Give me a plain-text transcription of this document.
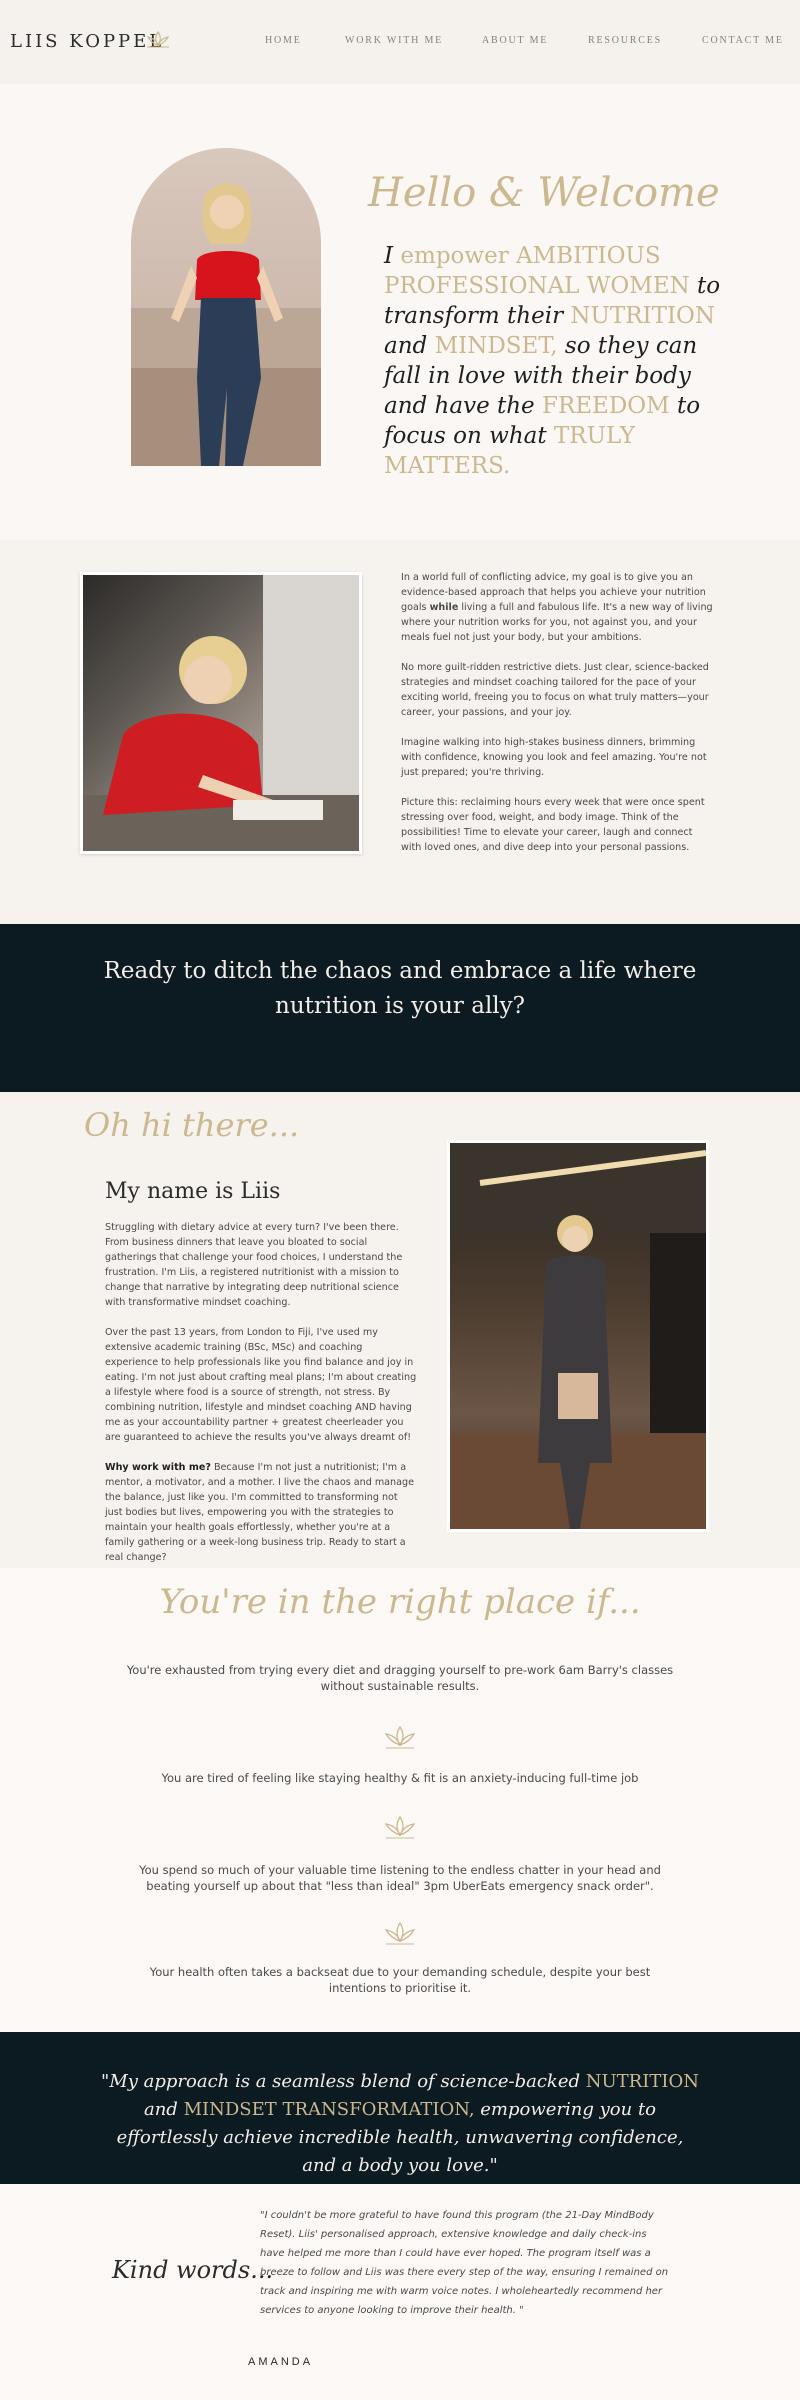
LIIS KOPPEL	HOME	WORK WITH ME	ABOUT ME	RESOURCES	CONTACT ME
Hello & Welcome
I empower AMBITIOUS PROFESSIONAL WOMEN to transform their NUTRITION and MINDSET, so they can fall in love with their body and have the FREEDOM to focus on what TRULY MATTERS.

In a world full of conflicting advice, my goal is to give you an evidence-based approach that helps you achieve your nutrition goals while living a full and fabulous life. It's a new way of living where your nutrition works for you, not against you, and your meals fuel not just your body, but your ambitions.

No more guilt-ridden restrictive diets. Just clear, science-backed strategies and mindset coaching tailored for the pace of your exciting world, freeing you to focus on what truly matters—your career, your passions, and your joy.

Imagine walking into high-stakes business dinners, brimming with confidence, knowing you look and feel amazing. You're not just prepared; you're thriving.

Picture this: reclaiming hours every week that were once spent stressing over food, weight, and body image. Think of the possibilities! Time to elevate your career, laugh and connect with loved ones, and dive deep into your personal passions.

Ready to ditch the chaos and embrace a life where nutrition is your ally?
Oh hi there...
My name is Liis

Struggling with dietary advice at every turn? I've been there. From business dinners that leave you bloated to social gatherings that challenge your food choices, I understand the frustration. I'm Liis, a registered nutritionist with a mission to change that narrative by integrating deep nutritional science with transformative mindset coaching.

Over the past 13 years, from London to Fiji, I've used my extensive academic training (BSc, MSc) and coaching experience to help professionals like you find balance and joy in eating. I'm not just about crafting meal plans; I'm about creating a lifestyle where food is a source of strength, not stress. By combining nutrition, lifestyle and mindset coaching AND having me as your accountability partner + greatest cheerleader you are guaranteed to achieve the results you've always dreamt of!

Why work with me? Because I'm not just a nutritionist; I'm a mentor, a motivator, and a mother. I live the chaos and manage the balance, just like you. I'm committed to transforming not just bodies but lives, empowering you with the strategies to maintain your health goals effortlessly, whether you're at a family gathering or a week-long business trip. Ready to start a real change?

You're in the right place if...
You're exhausted from trying every diet and dragging yourself to pre-work 6am Barry's classes without sustainable results.
You are tired of feeling like staying healthy & fit is an anxiety-inducing full-time job
You spend so much of your valuable time listening to the endless chatter in your head and beating yourself up about that "less than ideal" 3pm UberEats emergency snack order".
Your health often takes a backseat due to your demanding schedule, despite your best intentions to prioritise it.
"My approach is a seamless blend of science-backed NUTRITION and MINDSET TRANSFORMATION, empowering you to effortlessly achieve incredible health, unwavering confidence, and a body you love."
Kind words...
"I couldn't be more grateful to have found this program (the 21-Day MindBody Reset). Liis' personalised approach, extensive knowledge and daily check-ins have helped me more than I could have ever hoped. The program itself was a breeze to follow and Liis was there every step of the way, ensuring I remained on track and inspiring me with warm voice notes. I wholeheartedly recommend her services to anyone looking to improve their health. "
AMANDA
